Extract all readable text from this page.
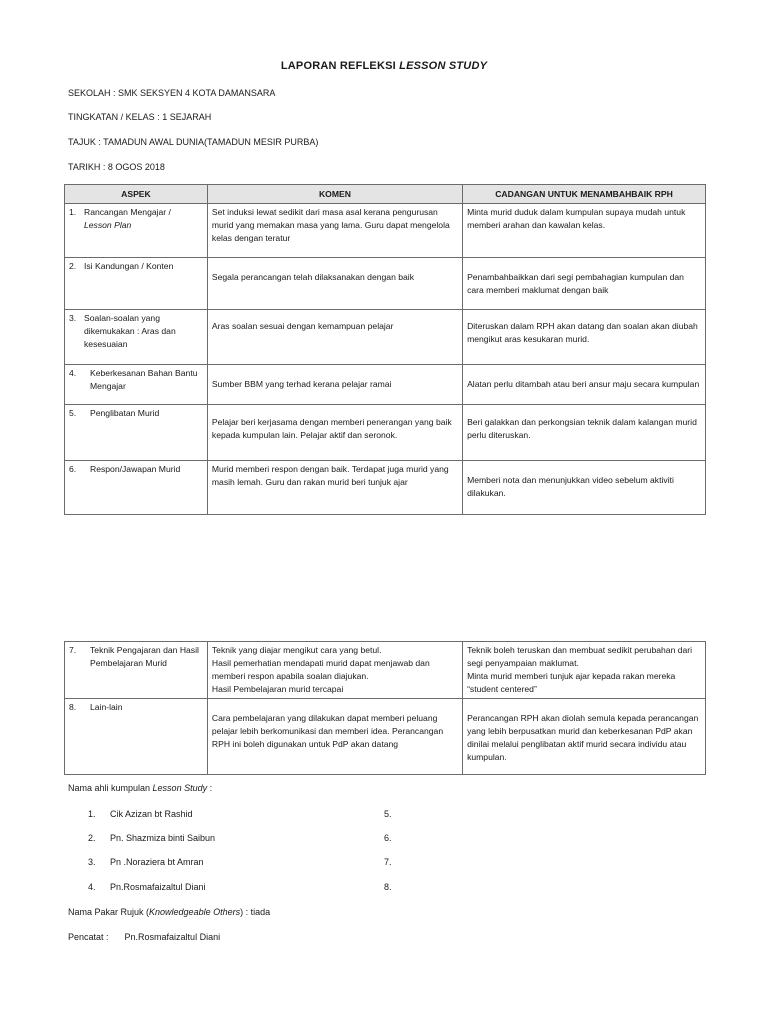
LAPORAN REFLEKSI LESSON STUDY
SEKOLAH : SMK SEKSYEN 4 KOTA DAMANSARA
TINGKATAN / KELAS : 1 SEJARAH
TAJUK : TAMADUN AWAL DUNIA(TAMADUN MESIR PURBA)
TARIKH : 8 OGOS 2018
ASPEK	KOMEN	CADANGAN UNTUK MENAMBAHBAIK RPH

1. Rancangan Mengajar /
Lesson Plan	Set induksi lewat sedikit dari masa asal kerana pengurusan murid yang memakan masa yang lama. Guru dapat mengelola kelas dengan teratur	Minta murid duduk dalam kumpulan supaya mudah untuk memberi arahan dan kawalan kelas.

2. Isi Kandungan / Konten	Segala perancangan telah dilaksanakan dengan baik	Penambahbaikkan dari segi pembahagian kumpulan dan cara memberi maklumat dengan baik

3. Soalan-soalan yang dikemukakan : Aras dan kesesuaian	Aras soalan sesuai dengan kemampuan pelajar	Diteruskan dalam RPH akan datang dan soalan akan diubah mengikut aras kesukaran murid.

4. Keberkesanan Bahan Bantu Mengajar	Sumber BBM yang terhad kerana pelajar ramai	Alatan perlu ditambah atau beri ansur maju secara kumpulan

5. Penglibatan Murid	Pelajar beri kerjasama dengan memberi penerangan yang baik kepada kumpulan lain. Pelajar aktif dan seronok.	Beri galakkan dan perkongsian teknik dalam kalangan murid perlu diteruskan.

6. Respon/Jawapan Murid	Murid memberi respon dengan baik. Terdapat juga murid yang masih lemah. Guru dan rakan murid beri tunjuk ajar	Memberi nota dan menunjukkan video sebelum aktiviti dilakukan.
7. Teknik Pengajaran dan Hasil Pembelajaran Murid	Teknik yang diajar mengikut cara yang betul.
Hasil pemerhatian mendapati murid dapat menjawab dan memberi respon apabila soalan diajukan.
Hasil Pembelajaran murid tercapai	Teknik boleh teruskan dan membuat sedikit perubahan dari segi penyampaian maklumat.
Minta murid memberi tunjuk ajar kepada rakan mereka “student centered”

8. Lain-lain	Cara pembelajaran yang dilakukan dapat memberi peluang pelajar lebih berkomunikasi dan memberi idea. Perancangan RPH ini boleh digunakan untuk PdP akan datang	Perancangan RPH akan diolah semula kepada perancangan yang lebih berpusatkan murid dan keberkesanan PdP akan dinilai melalui penglibatan aktif murid secara individu atau kumpulan.
Nama ahli kumpulan Lesson Study :
1. Cik Azizan bt Rashid
2. Pn. Shazmiza binti Saibun
3. Pn .Noraziera bt Amran
4. Pn.Rosmafaizaltul Diani
5.
6.
7.
8.
Nama Pakar Rujuk (Knowledgeable Others) : tiada
Pencatat : Pn.Rosmafaizaltul Diani
